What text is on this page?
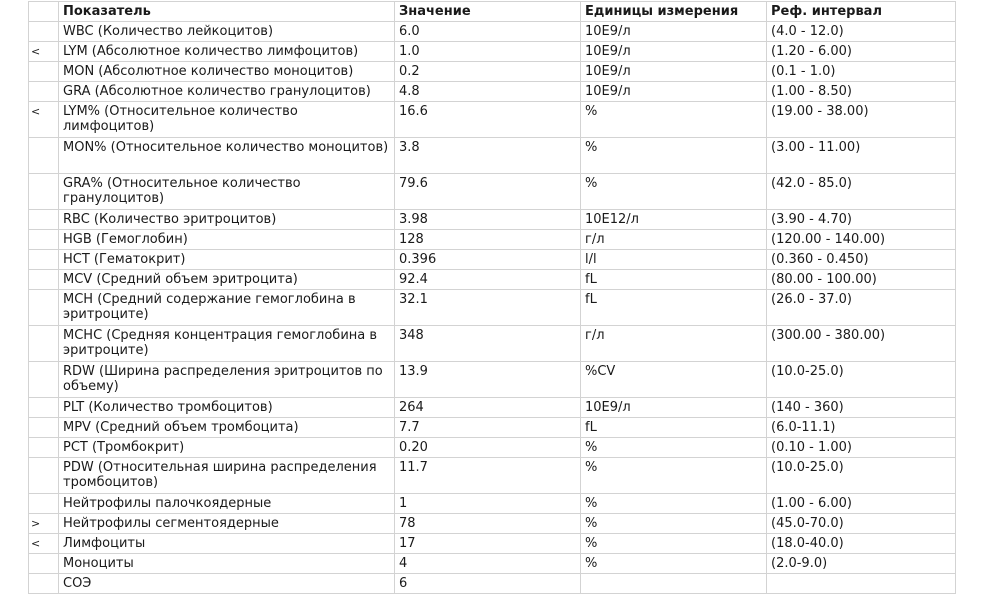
	Показатель	Значение	Единицы измерения	Реф. интервал
	WBC (Количество лейкоцитов)	6.0	10E9/л	(4.0 - 12.0)
<	LYM (Абсолютное количество лимфоцитов)	1.0	10E9/л	(1.20 - 6.00)
	MON (Абсолютное количество моноцитов)	0.2	10E9/л	(0.1 - 1.0)
	GRA (Абсолютное количество гранулоцитов)	4.8	10E9/л	(1.00 - 8.50)
<	LYM% (Относительное количество лимфоцитов)	16.6	%	(19.00 - 38.00)
	MON% (Относительное количество моноцитов)	3.8	%	(3.00 - 11.00)
	GRA% (Относительное количество гранулоцитов)	79.6	%	(42.0 - 85.0)
	RBC (Количество эритроцитов)	3.98	10E12/л	(3.90 - 4.70)
	HGB (Гемоглобин)	128	г/л	(120.00 - 140.00)
	HCT (Гематокрит)	0.396	l/l	(0.360 - 0.450)
	MCV (Средний объем эритроцита)	92.4	fL	(80.00 - 100.00)
	MCH (Средний содержание гемоглобина в эритроците)	32.1	fL	(26.0 - 37.0)
	MCHC (Средняя концентрация гемоглобина в эритроците)	348	г/л	(300.00 - 380.00)
	RDW (Ширина распределения эритроцитов по объему)	13.9	%CV	(10.0-25.0)
	PLT (Количество тромбоцитов)	264	10E9/л	(140 - 360)
	MPV (Средний объем тромбоцита)	7.7	fL	(6.0-11.1)
	PCT (Тромбокрит)	0.20	%	(0.10 - 1.00)
	PDW (Относительная ширина распределения тромбоцитов)	11.7	%	(10.0-25.0)
	Нейтрофилы палочкоядерные	1	%	(1.00 - 6.00)
>	Нейтрофилы сегментоядерные	78	%	(45.0-70.0)
<	Лимфоциты	17	%	(18.0-40.0)
	Моноциты	4	%	(2.0-9.0)
	СОЭ	6		
